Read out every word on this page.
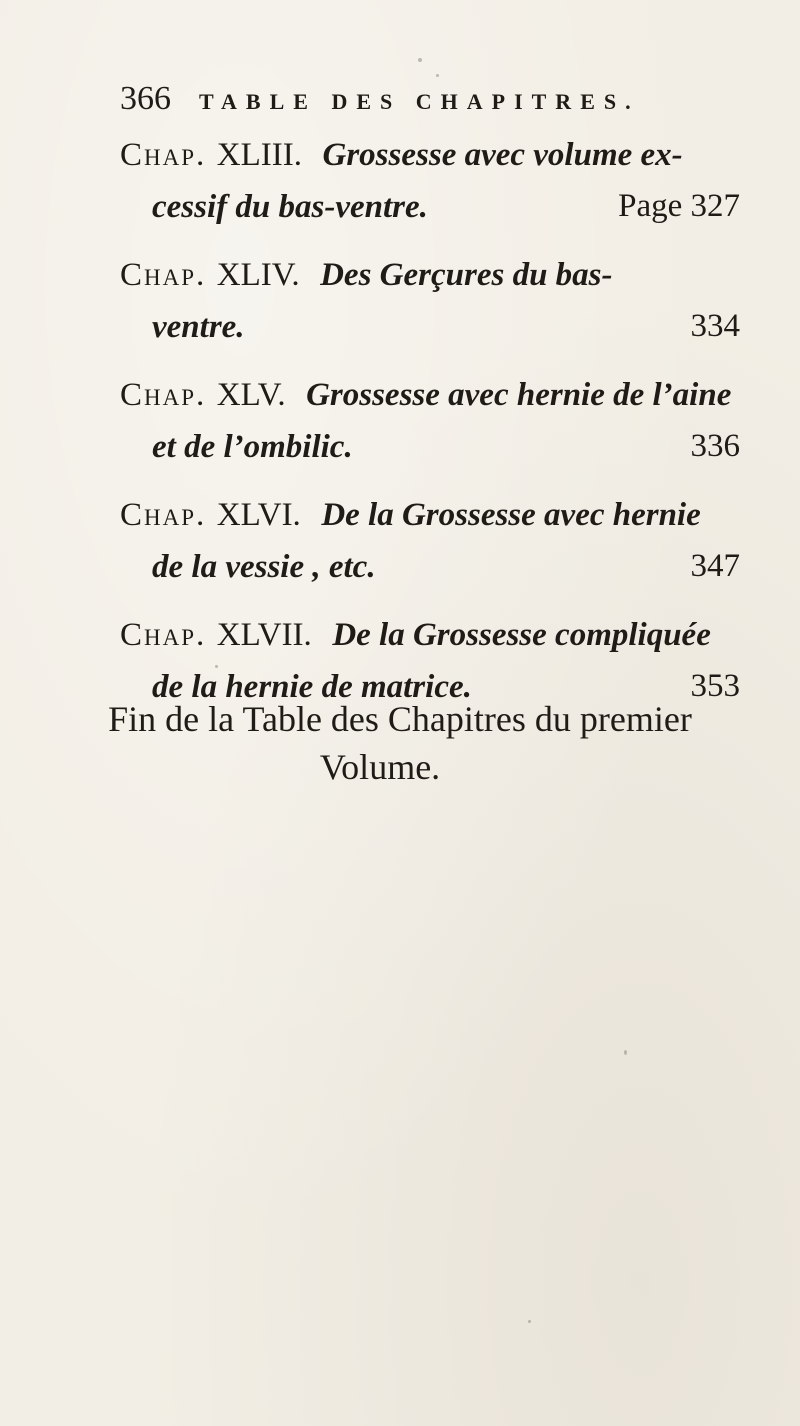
366 TABLE DES CHAPITRES.
Chap. XLIII. Grossesse avec volume ex-
cessif du bas-ventre.	Page 327
Chap. XLIV. Des Gerçures du bas-
ventre.	334
Chap. XLV. Grossesse avec hernie de l’aine
et de l’ombilic.	336
Chap. XLVI. De la Grossesse avec hernie
de la vessie , etc.	347
Chap. XLVII. De la Grossesse compliquée
de la hernie de matrice.	353
Fin de la Table des Chapitres du premier
Volume.
